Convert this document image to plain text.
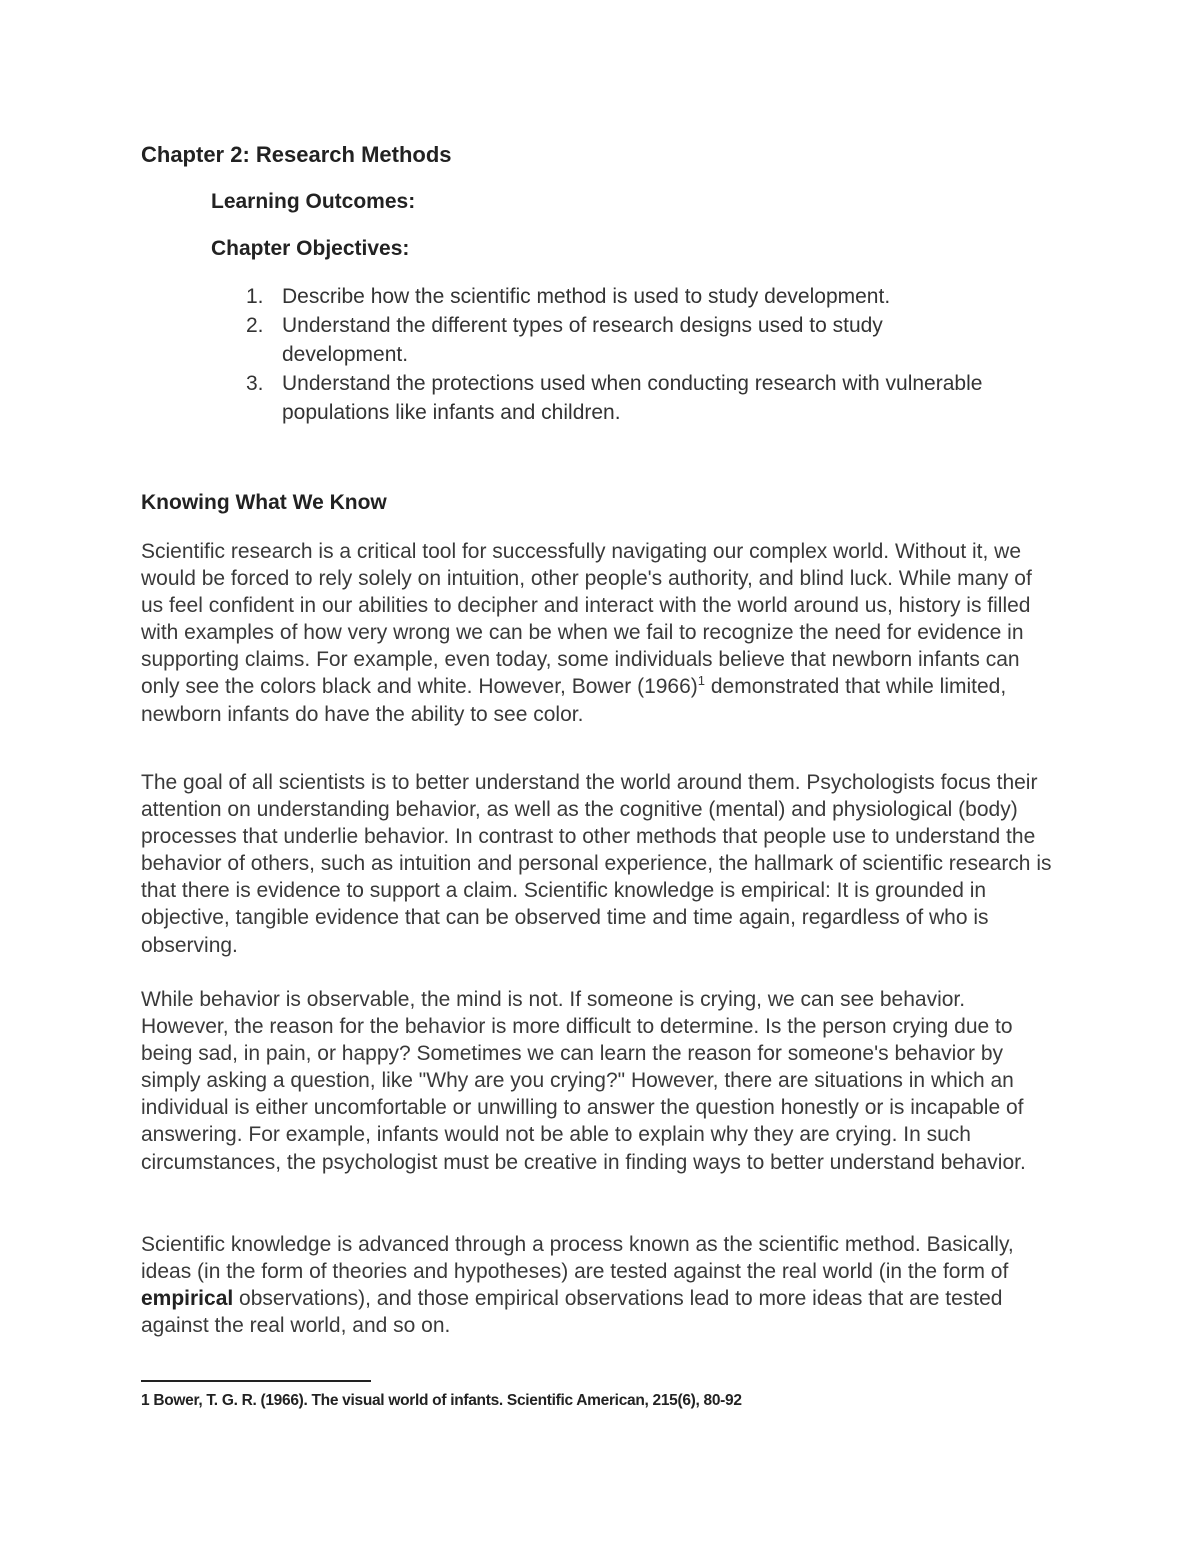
Chapter 2: Research Methods
Learning Outcomes:
Chapter Objectives:
1. Describe how the scientific method is used to study development.
2. Understand the different types of research designs used to study development.
3. Understand the protections used when conducting research with vulnerable populations like infants and children.
Knowing What We Know

Scientific research is a critical tool for successfully navigating our complex world. Without it, we would be forced to rely solely on intuition, other people's authority, and blind luck. While many of us feel confident in our abilities to decipher and interact with the world around us, history is filled with examples of how very wrong we can be when we fail to recognize the need for evidence in supporting claims. For example, even today, some individuals believe that newborn infants can only see the colors black and white. However, Bower (1966)$^1$ demonstrated that while limited, newborn infants do have the ability to see color.

The goal of all scientists is to better understand the world around them. Psychologists focus their attention on understanding behavior, as well as the cognitive (mental) and physiological (body) processes that underlie behavior. In contrast to other methods that people use to understand the behavior of others, such as intuition and personal experience, the hallmark of scientific research is that there is evidence to support a claim. Scientific knowledge is empirical: It is grounded in objective, tangible evidence that can be observed time and time again, regardless of who is observing.

While behavior is observable, the mind is not. If someone is crying, we can see behavior. However, the reason for the behavior is more difficult to determine. Is the person crying due to being sad, in pain, or happy? Sometimes we can learn the reason for someone's behavior by simply asking a question, like "Why are you crying?" However, there are situations in which an individual is either uncomfortable or unwilling to answer the question honestly or is incapable of answering. For example, infants would not be able to explain why they are crying. In such circumstances, the psychologist must be creative in finding ways to better understand behavior.

Scientific knowledge is advanced through a process known as the scientific method. Basically, ideas (in the form of theories and hypotheses) are tested against the real world (in the form of empirical observations), and those empirical observations lead to more ideas that are tested against the real world, and so on.

1 Bower, T. G. R. (1966). The visual world of infants. Scientific American, 215(6), 80-92
